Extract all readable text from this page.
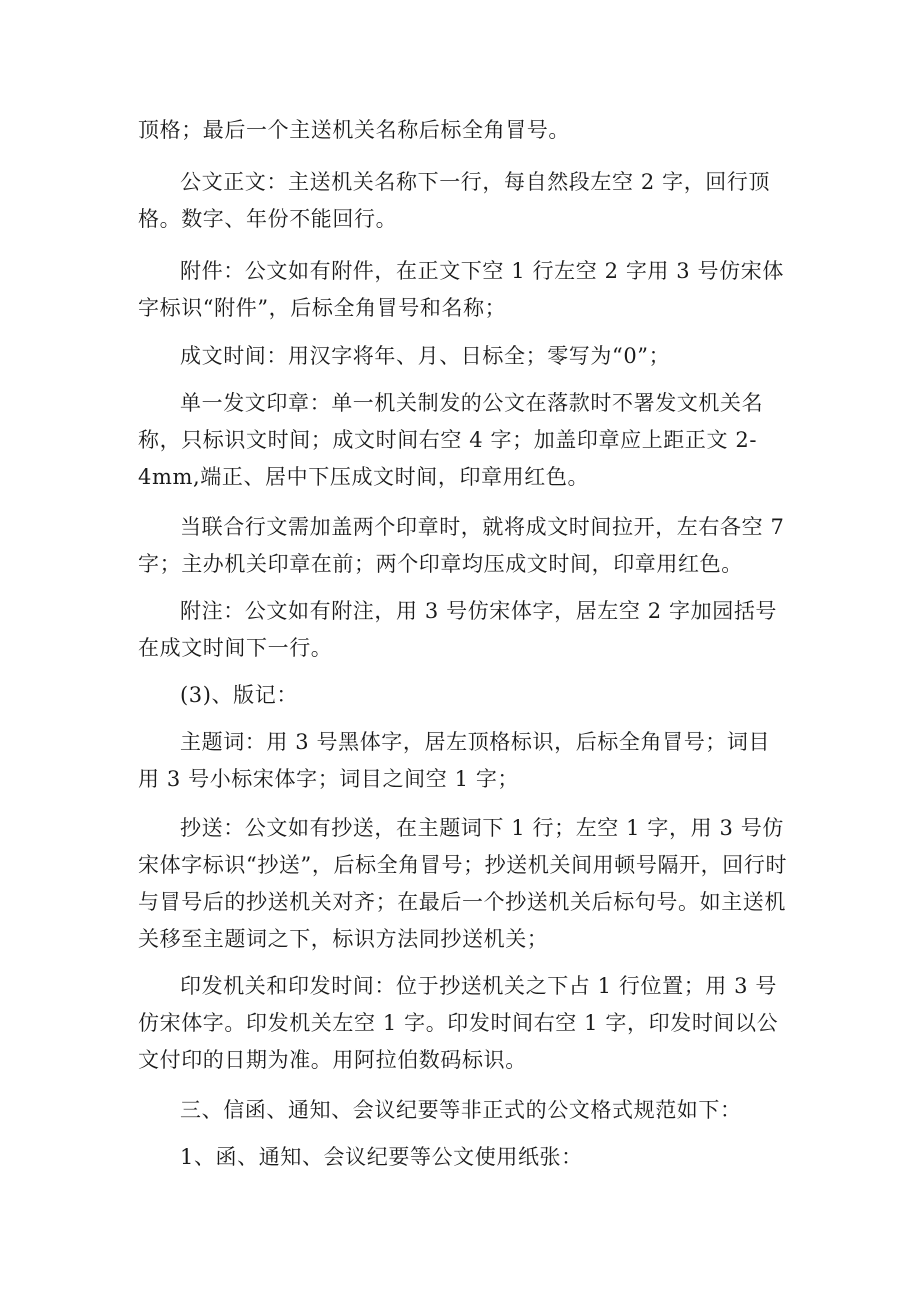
顶格；最后一个主送机关名称后标全角冒号。

公文正文：主送机关名称下一行，每自然段左空 2 字，回行顶格。数字、年份不能回行。

附件：公文如有附件，在正文下空 1 行左空 2 字用 3 号仿宋体字标识“附件”，后标全角冒号和名称；

成文时间：用汉字将年、月、日标全；零写为“0”；

单一发文印章：单一机关制发的公文在落款时不署发文机关名称，只标识文时间；成文时间右空 4 字；加盖印章应上距正文 2-4mm,端正、居中下压成文时间，印章用红色。

当联合行文需加盖两个印章时，就将成文时间拉开，左右各空 7 字；主办机关印章在前；两个印章均压成文时间，印章用红色。

附注：公文如有附注，用 3 号仿宋体字，居左空 2 字加园括号在成文时间下一行。

(3)、版记：

主题词：用 3 号黑体字，居左顶格标识，后标全角冒号；词目用 3 号小标宋体字；词目之间空 1 字；

抄送：公文如有抄送，在主题词下 1 行；左空 1 字，用 3 号仿宋体字标识“抄送”，后标全角冒号；抄送机关间用顿号隔开，回行时与冒号后的抄送机关对齐；在最后一个抄送机关后标句号。如主送机关移至主题词之下，标识方法同抄送机关；

印发机关和印发时间：位于抄送机关之下占 1 行位置；用 3 号仿宋体字。印发机关左空 1 字。印发时间右空 1 字，印发时间以公文付印的日期为准。用阿拉伯数码标识。

三、信函、通知、会议纪要等非正式的公文格式规范如下：

1、函、通知、会议纪要等公文使用纸张：
